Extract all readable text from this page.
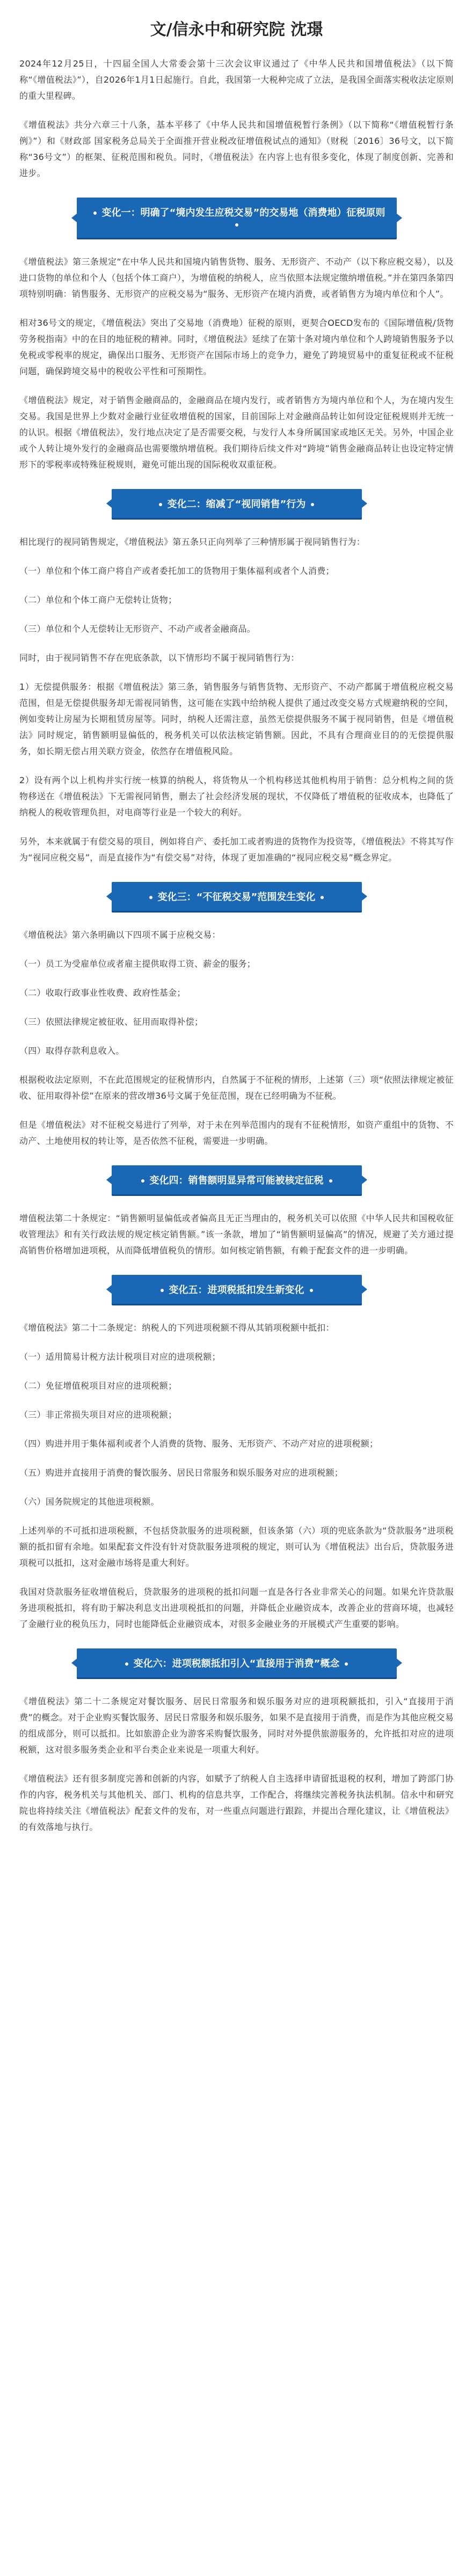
文/信永中和研究院 沈璟

2024年12月25日，十四届全国人大常委会第十三次会议审议通过了《中华人民共和国增值税法》（以下简称“《增值税法》”），自2026年1月1日起施行。自此，我国第一大税种完成了立法，是我国全面落实税收法定原则的重大里程碑。

《增值税法》共分六章三十八条，基本平移了《中华人民共和国增值税暂行条例》（以下简称“《增值税暂行条例》”）和《财政部 国家税务总局关于全面推开营业税改征增值税试点的通知》（财税〔2016〕36号文，以下简称“36号文”）的框架、征税范围和税负。同时，《增值税法》在内容上也有很多变化，体现了制度创新、完善和进步。

变化一：明确了“境内发生应税交易”的交易地（消费地）征税原则

《增值税法》第三条规定“在中华人民共和国境内销售货物、服务、无形资产、不动产（以下称应税交易），以及进口货物的单位和个人（包括个体工商户），为增值税的纳税人，应当依照本法规定缴纳增值税。”并在第四条第四项特别明确：销售服务、无形资产的应税交易为“服务、无形资产在境内消费，或者销售方为境内单位和个人”。

相对36号文的规定，《增值税法》突出了交易地（消费地）征税的原则，更契合OECD发布的《国际增值税/货物劳务税指南》中的在目的地征税的精神。同时，《增值税法》延续了在第十条对境内单位和个人跨境销售服务予以免税或零税率的规定，确保出口服务、无形资产在国际市场上的竞争力，避免了跨境贸易中的重复征税或不征税问题，确保跨境交易中的税收公平性和可预期性。

《增值税法》规定，对于销售金融商品的，金融商品在境内发行，或者销售方为境内单位和个人，为在境内发生交易。我国是世界上少数对金融行业征收增值税的国家，目前国际上对金融商品转让如何设定征税规则并无统一的认识。根据《增值税法》，发行地点决定了是否需要交税，与发行人本身所属国家或地区无关。另外，中国企业或个人转让境外发行的金融商品也需要缴纳增值税。我们期待后续文件对“跨境”销售金融商品转让也设定特定情形下的零税率或特殊征税规则，避免可能出现的国际税收双重征税。

变化二：缩减了“视同销售”行为

相比现行的视同销售规定，《增值税法》第五条只正向列举了三种情形属于视同销售行为：

（一）单位和个体工商户将自产或者委托加工的货物用于集体福利或者个人消费；

（二）单位和个体工商户无偿转让货物；

（三）单位和个人无偿转让无形资产、不动产或者金融商品。

同时，由于视同销售不存在兜底条款，以下情形均不属于视同销售行为：

1）无偿提供服务：根据《增值税法》第三条，销售服务与销售货物、无形资产、不动产都属于增值税应税交易范围，但是无偿提供服务却无需视同销售，这可能在实践中给纳税人提供了通过改变交易方式规避纳税的空间，例如变转让房屋为长期租赁房屋等。同时，纳税人还需注意，虽然无偿提供服务不属于视同销售，但是《增值税法》同时规定，销售额明显偏低的，税务机关可以依法核定销售额。因此，不具有合理商业目的的无偿提供服务，如长期无偿占用关联方资金，依然存在增值税风险。

2）设有两个以上机构并实行统一核算的纳税人，将货物从一个机构移送其他机构用于销售：总分机构之间的货物移送在《增值税法》下无需视同销售，删去了社会经济发展的现状，不仅降低了增值税的征收成本，也降低了纳税人的税收管理负担，对电商等行业是一个较大的利好。

另外，本来就属于有偿交易的项目，例如将自产、委托加工或者购进的货物作为投资等，《增值税法》不将其写作为“视同应税交易”，而是直接作为“有偿交易”对待，体现了更加准确的“视同应税交易”概念界定。

变化三：“不征税交易”范围发生变化

《增值税法》第六条明确以下四项不属于应税交易：

（一）员工为受雇单位或者雇主提供取得工资、薪金的服务；

（二）收取行政事业性收费、政府性基金；

（三）依照法律规定被征收、征用而取得补偿；

（四）取得存款利息收入。

根据税收法定原则，不在此范围规定的征税情形内，自然属于不征税的情形，上述第（三）项“依照法律规定被征收、征用取得补偿”在原来的营改增36号文属于免征范围，现在已经明确为不征税。

但是《增值税法》对不征税交易进行了列举，对于未在列举范围内的现有不征税情形，如资产重组中的货物、不动产、土地使用权的转让等，是否依然不征税，需要进一步明确。

变化四：销售额明显异常可能被核定征税

增值税法第二十条规定：“销售额明显偏低或者偏高且无正当理由的，税务机关可以依照《中华人民共和国税收征收管理法》和有关行政法规的规定核定销售额。”该一条款，增加了“销售额明显偏高”的情况，规避了关方通过提高销售价格增加进项税，从而降低增值税负的情形。如何核定销售额，有赖于配套文件的进一步明确。

变化五：进项税抵扣发生新变化

《增值税法》第二十二条规定：纳税人的下列进项税额不得从其销项税额中抵扣：

（一）适用简易计税方法计税项目对应的进项税额；

（二）免征增值税项目对应的进项税额；

（三）非正常损失项目对应的进项税额；

（四）购进并用于集体福利或者个人消费的货物、服务、无形资产、不动产对应的进项税额；

（五）购进并直接用于消费的餐饮服务、居民日常服务和娱乐服务对应的进项税额；

（六）国务院规定的其他进项税额。

上述列举的不可抵扣进项税额，不包括贷款服务的进项税额，但该条第（六）项的兜底条款为“贷款服务”进项税额的抵扣留有余地。如果配套文件没有针对贷款服务进项税的规定，则可认为《增值税法》出台后，贷款服务进项税可以抵扣，这对金融市场将是重大利好。

我国对贷款服务征收增值税后，贷款服务的进项税的抵扣问题一直是各行各业非常关心的问题。如果允许贷款服务进项税抵扣，将有助于解决利息支出进项税抵扣的问题，并降低企业融资成本，改善企业的营商环境，也减轻了金融行业的税负压力，同时也能降低企业融资成本，对很多金融业务的开展模式产生重要的影响。

变化六：进项税额抵扣引入“直接用于消费”概念

《增值税法》第二十二条规定对餐饮服务、居民日常服务和娱乐服务对应的进项税额抵扣，引入“直接用于消费”的概念。对于企业购买餐饮服务、居民日常服务和娱乐服务，如果不是直接用于消费，而是作为其他应税交易的组成部分，则可以抵扣。比如旅游企业为游客采购餐饮服务，同时对外提供旅游服务的，允许抵扣对应的进项税额，这对很多服务类企业和平台类企业来说是一项重大利好。

《增值税法》还有很多制度完善和创新的内容，如赋予了纳税人自主选择申请留抵退税的权利，增加了跨部门协作的内容，税务机关与其他机关、部门、机构的信息共享，工作配合，将继续完善税务执法机制。信永中和研究院也将持续关注《增值税法》配套文件的发布，对一些重点问题进行跟踪，并提出合理化建议，让《增值税法》的有效落地与执行。
